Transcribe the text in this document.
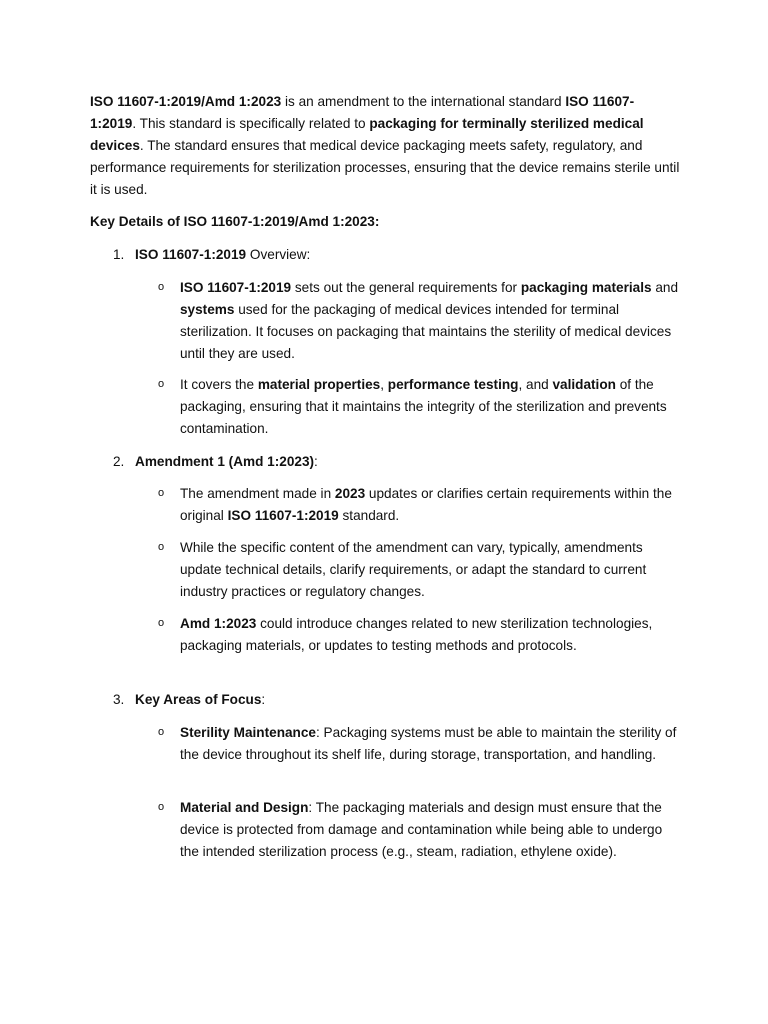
ISO 11607-1:2019/Amd 1:2023 is an amendment to the international standard ISO 11607-1:2019. This standard is specifically related to packaging for terminally sterilized medical devices. The standard ensures that medical device packaging meets safety, regulatory, and performance requirements for sterilization processes, ensuring that the device remains sterile until it is used.

Key Details of ISO 11607-1:2019/Amd 1:2023:

1. ISO 11607-1:2019 Overview:

o ISO 11607-1:2019 sets out the general requirements for packaging materials and systems used for the packaging of medical devices intended for terminal sterilization. It focuses on packaging that maintains the sterility of medical devices until they are used.

o It covers the material properties, performance testing, and validation of the packaging, ensuring that it maintains the integrity of the sterilization and prevents contamination.

2. Amendment 1 (Amd 1:2023):

o The amendment made in 2023 updates or clarifies certain requirements within the original ISO 11607-1:2019 standard.

o While the specific content of the amendment can vary, typically, amendments update technical details, clarify requirements, or adapt the standard to current industry practices or regulatory changes.

o Amd 1:2023 could introduce changes related to new sterilization technologies, packaging materials, or updates to testing methods and protocols.

3. Key Areas of Focus:

o Sterility Maintenance: Packaging systems must be able to maintain the sterility of the device throughout its shelf life, during storage, transportation, and handling.

o Material and Design: The packaging materials and design must ensure that the device is protected from damage and contamination while being able to undergo the intended sterilization process (e.g., steam, radiation, ethylene oxide).
